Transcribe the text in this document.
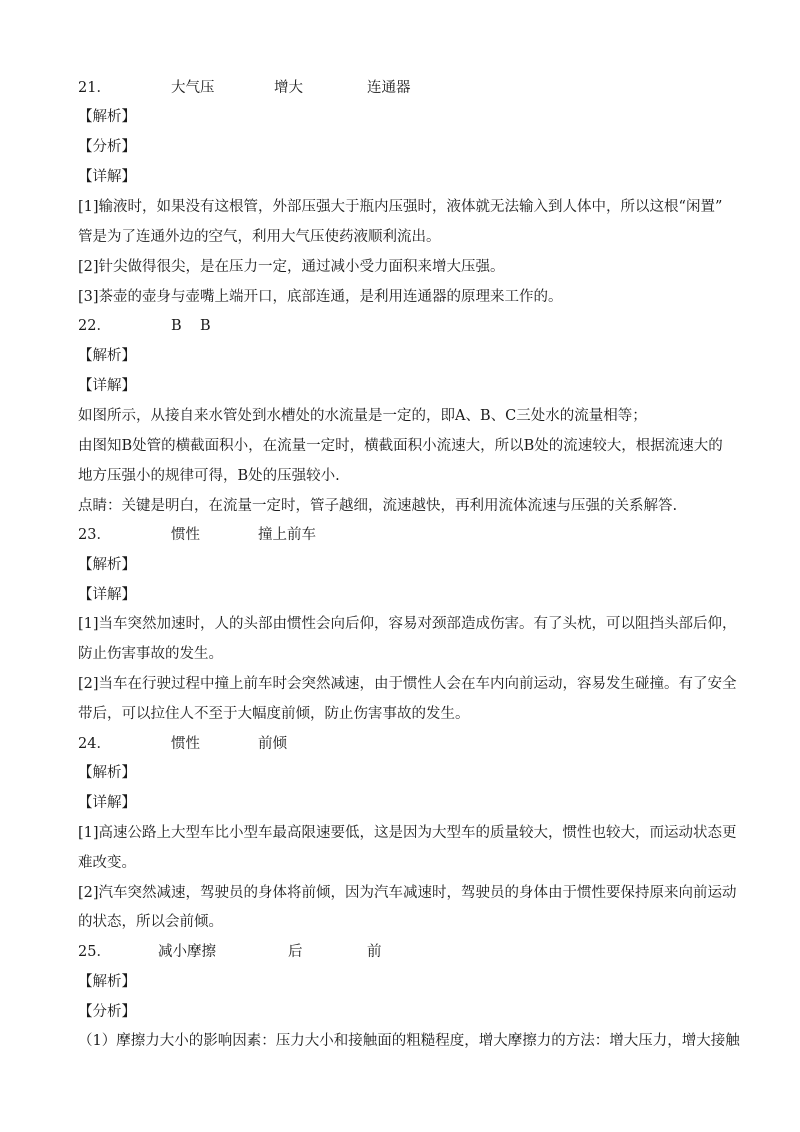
21．	大气压	增大	连通器
【解析】
【分析】
【详解】
[1]输液时，如果没有这根管，外部压强大于瓶内压强时，液体就无法输入到人体中，所以这根“闲置”
管是为了连通外边的空气，利用大气压使药液顺利流出。
[2]针尖做得很尖，是在压力一定，通过减小受力面积来增大压强。
[3]茶壶的壶身与壶嘴上端开口，底部连通，是利用连通器的原理来工作的。
22．	B B
【解析】
【详解】
如图所示，从接自来水管处到水槽处的水流量是一定的，即A、B、C三处水的流量相等；
由图知B处管的横截面积小，在流量一定时，横截面积小流速大，所以B处的流速较大，根据流速大的
地方压强小的规律可得，B处的压强较小.
点睛：关键是明白，在流量一定时，管子越细，流速越快，再利用流体流速与压强的关系解答.
23．	惯性	撞上前车
【解析】
【详解】
[1]当车突然加速时，人的头部由惯性会向后仰，容易对颈部造成伤害。有了头枕，可以阻挡头部后仰，
防止伤害事故的发生。
[2]当车在行驶过程中撞上前车时会突然减速，由于惯性人会在车内向前运动，容易发生碰撞。有了安全
带后，可以拉住人不至于大幅度前倾，防止伤害事故的发生。
24．	惯性	前倾
【解析】
【详解】
[1]高速公路上大型车比小型车最高限速要低，这是因为大型车的质量较大，惯性也较大，而运动状态更
难改变。
[2]汽车突然减速，驾驶员的身体将前倾，因为汽车减速时，驾驶员的身体由于惯性要保持原来向前运动
的状态，所以会前倾。
25．	减小摩擦	后	前
【解析】
【分析】
（1）摩擦力大小的影响因素：压力大小和接触面的粗糙程度，增大摩擦力的方法：增大压力，增大接触
